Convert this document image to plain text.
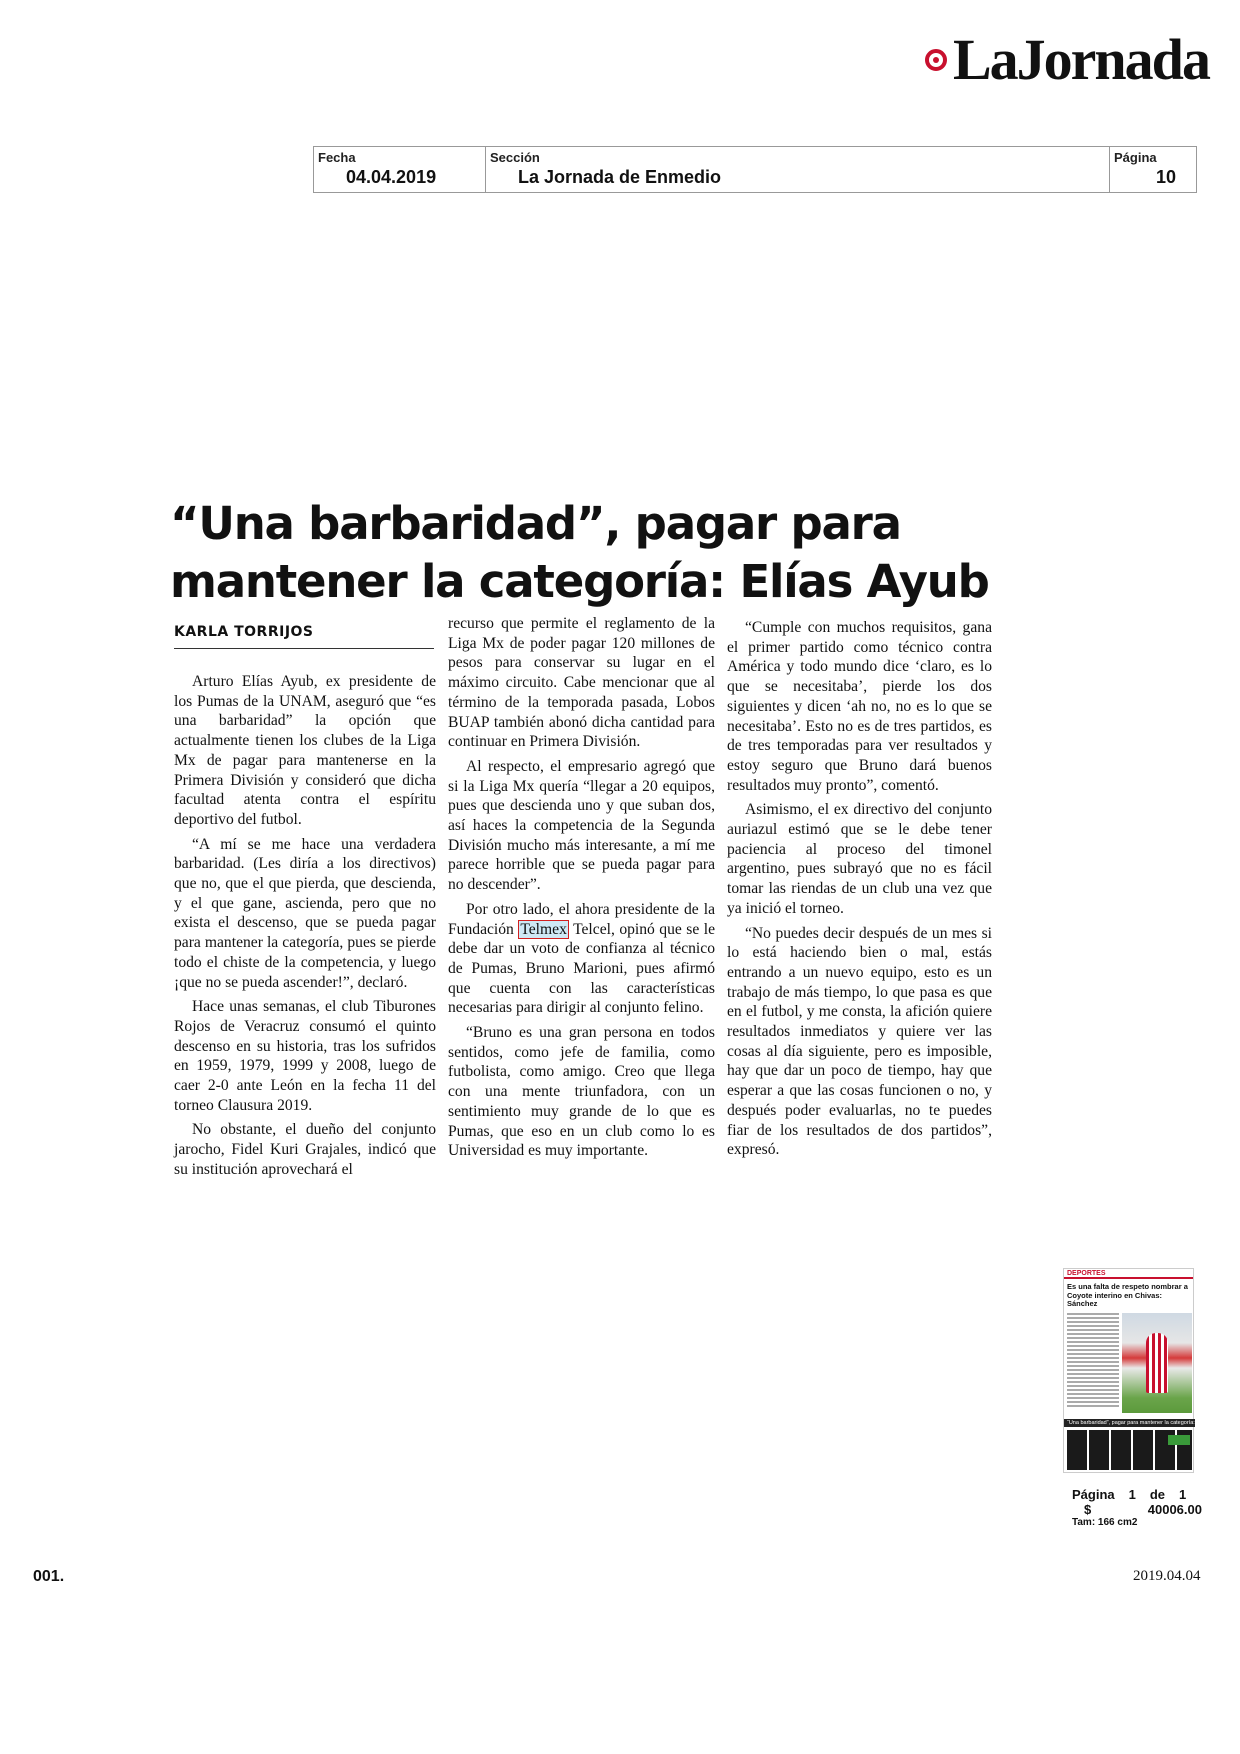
LaJornada
Fecha
04.04.2019
Sección
La Jornada de Enmedio
Página
10
“Una barbaridad”, pagar para
mantener la categoría: Elías Ayub
KARLA TORRIJOS

Arturo Elías Ayub, ex presidente de los Pumas de la UNAM, aseguró que “es una barbaridad” la opción que actualmente tienen los clubes de la Liga Mx de pagar para mantenerse en la Primera División y consideró que dicha facultad atenta contra el espíritu deportivo del futbol.

“A mí se me hace una verdadera barbaridad. (Les diría a los directivos) que no, que el que pierda, que descienda, y el que gane, ascienda, pero que no exista el descenso, que se pueda pagar para mantener la categoría, pues se pierde todo el chiste de la competencia, y luego ¡que no se pueda ascender!”, declaró.

Hace unas semanas, el club Tiburones Rojos de Veracruz consumó el quinto descenso en su historia, tras los sufridos en 1959, 1979, 1999 y 2008, luego de caer 2-0 ante León en la fecha 11 del torneo Clausura 2019.

No obstante, el dueño del conjunto jarocho, Fidel Kuri Grajales, indicó que su institución aprovechará el

recurso que permite el reglamento de la Liga Mx de poder pagar 120 millones de pesos para conservar su lugar en el máximo circuito. Cabe mencionar que al término de la temporada pasada, Lobos BUAP también abonó dicha cantidad para continuar en Primera División.

Al respecto, el empresario agregó que si la Liga Mx quería “llegar a 20 equipos, pues que descienda uno y que suban dos, así haces la competencia de la Segunda División mucho más interesante, a mí me parece horrible que se pueda pagar para no descender”.

Por otro lado, el ahora presidente de la Fundación Telmex Telcel, opinó que se le debe dar un voto de confianza al técnico de Pumas, Bruno Marioni, pues afirmó que cuenta con las características necesarias para dirigir al conjunto felino.

“Bruno es una gran persona en todos sentidos, como jefe de familia, como futbolista, como amigo. Creo que llega con una mente triunfadora, con un sentimiento muy grande de lo que es Pumas, que eso en un club como lo es Universidad es muy importante.

“Cumple con muchos requisitos, gana el primer partido como técnico contra América y todo mundo dice ‘claro, es lo que se necesitaba’, pierde los dos siguientes y dicen ‘ah no, no es lo que se necesitaba’. Esto no es de tres partidos, es de tres temporadas para ver resultados y estoy seguro que Bruno dará buenos resultados muy pronto”, comentó.

Asimismo, el ex directivo del conjunto auriazul estimó que se le debe tener paciencia al proceso del timonel argentino, pues subrayó que no es fácil tomar las riendas de un club una vez que ya inició el torneo.

“No puedes decir después de un mes si lo está haciendo bien o mal, estás entrando a un nuevo equipo, esto es un trabajo de más tiempo, lo que pasa es que en el futbol, y me consta, la afición quiere resultados inmediatos y quiere ver las cosas al día siguiente, pero es imposible, hay que dar un poco de tiempo, hay que esperar a que las cosas funcionen o no, y después poder evaluarlas, no te puedes fiar de los resultados de dos partidos”, expresó.

DEPORTES
Es una falta de respeto nombrar a Coyote interino en Chivas: Sánchez
“Una barbaridad”, pagar para mantener la categoría: Elías Ayub
Página 1 de 1
$	40006.00
Tam: 166 cm2
001.	2019.04.04
